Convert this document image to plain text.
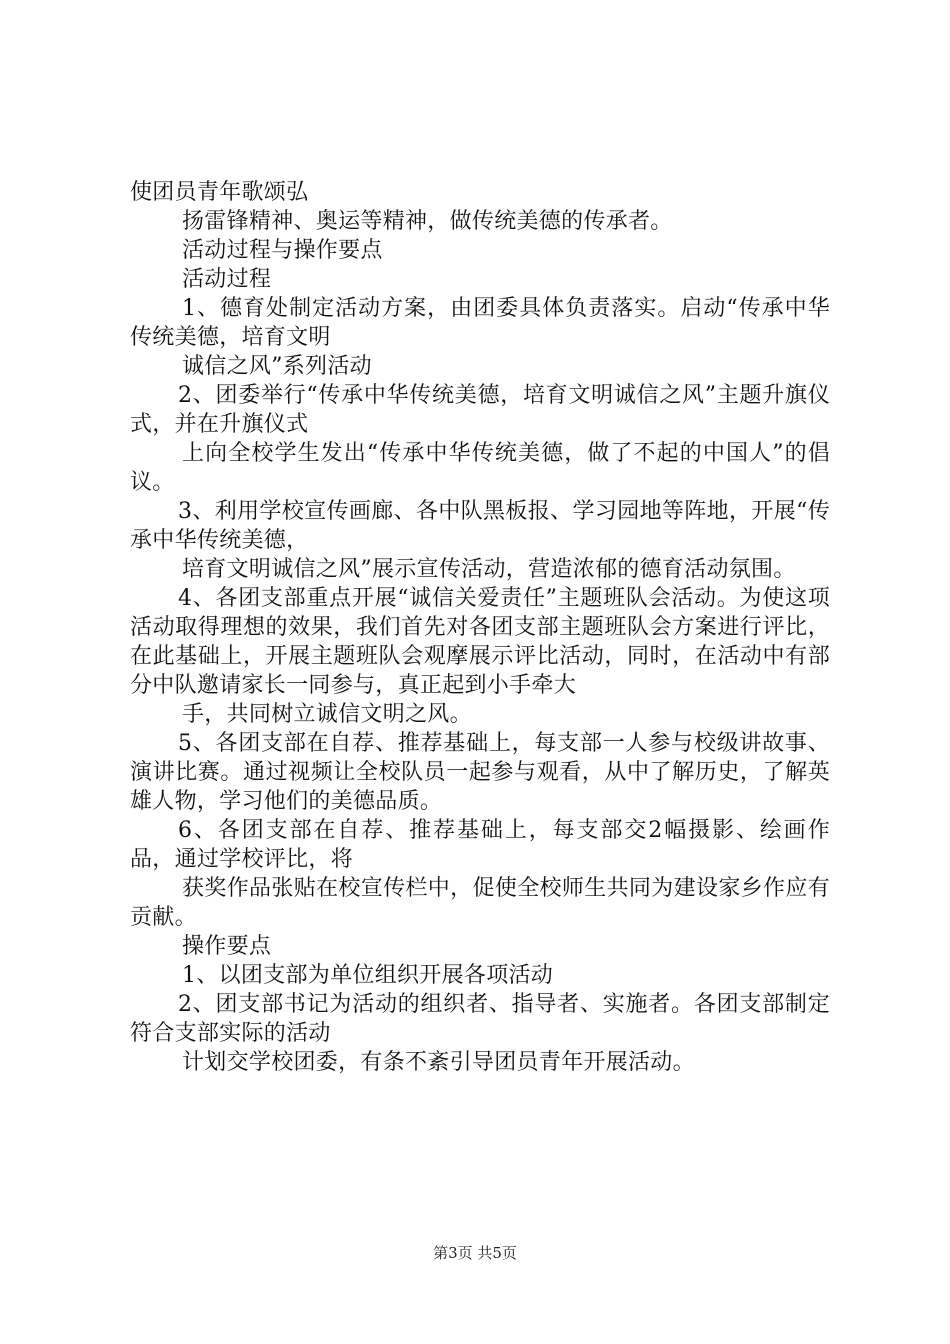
使团员青年歌颂弘

扬雷锋精神、奥运等精神，做传统美德的传承者。

活动过程与操作要点

活动过程

1、德育处制定活动方案，由团委具体负责落实。启动“传承中华传统美德，培育文明

诚信之风”系列活动

2、团委举行“传承中华传统美德，培育文明诚信之风”主题升旗仪式，并在升旗仪式

上向全校学生发出“传承中华传统美德，做了不起的中国人”的倡议。

3、利用学校宣传画廊、各中队黑板报、学习园地等阵地，开展“传承中华传统美德，

培育文明诚信之风”展示宣传活动，营造浓郁的德育活动氛围。

4、各团支部重点开展“诚信关爱责任”主题班队会活动。为使这项活动取得理想的效果，我们首先对各团支部主题班队会方案进行评比，在此基础上，开展主题班队会观摩展示评比活动，同时，在活动中有部分中队邀请家长一同参与，真正起到小手牵大

手，共同树立诚信文明之风。

5、各团支部在自荐、推荐基础上，每支部一人参与校级讲故事、演讲比赛。通过视频让全校队员一起参与观看，从中了解历史，了解英雄人物，学习他们的美德品质。

6、各团支部在自荐、推荐基础上，每支部交2幅摄影、绘画作品，通过学校评比，将

获奖作品张贴在校宣传栏中，促使全校师生共同为建设家乡作应有贡献。

操作要点

1、以团支部为单位组织开展各项活动

2、团支部书记为活动的组织者、指导者、实施者。各团支部制定符合支部实际的活动

计划交学校团委，有条不紊引导团员青年开展活动。

第3页 共5页
